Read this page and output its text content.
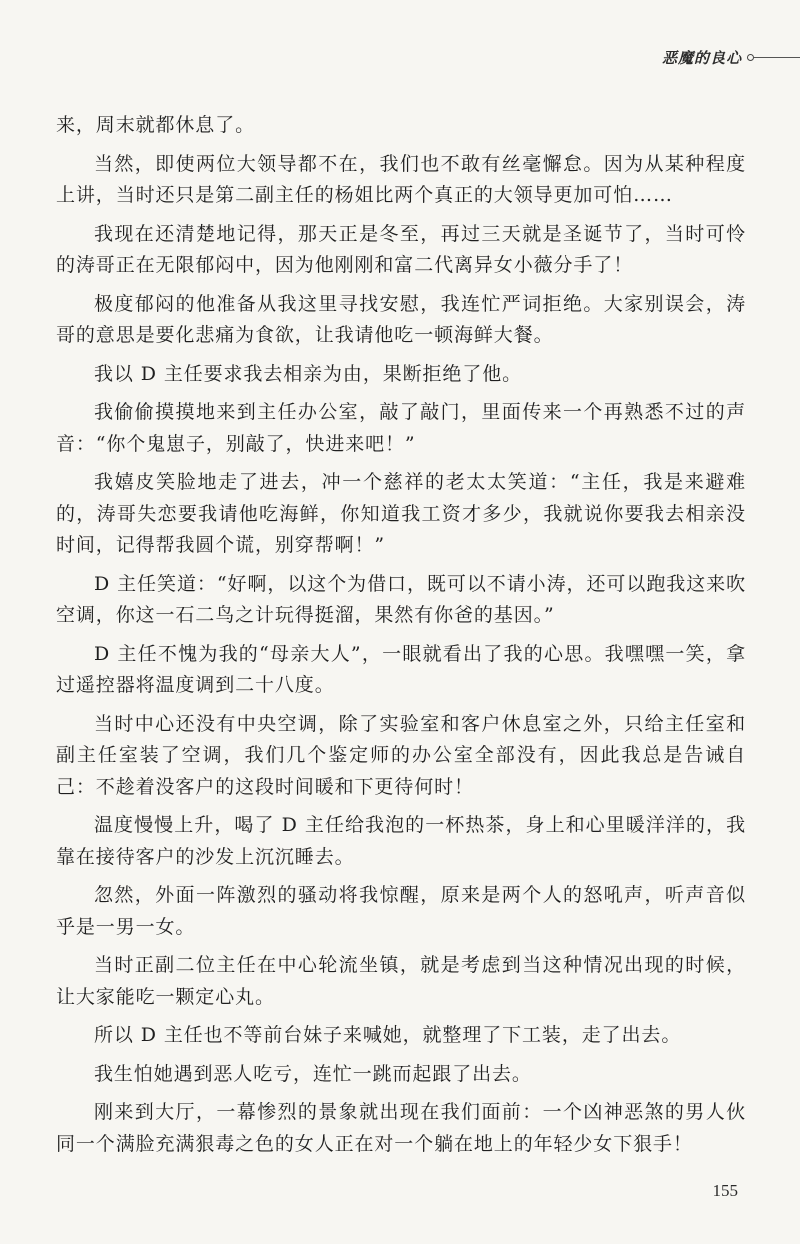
恶魔的良心

来，周末就都休息了。

当然，即使两位大领导都不在，我们也不敢有丝毫懈怠。因为从某种程度上讲，当时还只是第二副主任的杨姐比两个真正的大领导更加可怕……

我现在还清楚地记得，那天正是冬至，再过三天就是圣诞节了，当时可怜的涛哥正在无限郁闷中，因为他刚刚和富二代离异女小薇分手了！

极度郁闷的他准备从我这里寻找安慰，我连忙严词拒绝。大家别误会，涛哥的意思是要化悲痛为食欲，让我请他吃一顿海鲜大餐。

我以 D 主任要求我去相亲为由，果断拒绝了他。

我偷偷摸摸地来到主任办公室，敲了敲门，里面传来一个再熟悉不过的声音：“你个鬼崽子，别敲了，快进来吧！”

我嬉皮笑脸地走了进去，冲一个慈祥的老太太笑道：“主任，我是来避难的，涛哥失恋要我请他吃海鲜，你知道我工资才多少，我就说你要我去相亲没时间，记得帮我圆个谎，别穿帮啊！”

D 主任笑道：“好啊，以这个为借口，既可以不请小涛，还可以跑我这来吹空调，你这一石二鸟之计玩得挺溜，果然有你爸的基因。”

D 主任不愧为我的“母亲大人”，一眼就看出了我的心思。我嘿嘿一笑，拿过遥控器将温度调到二十八度。

当时中心还没有中央空调，除了实验室和客户休息室之外，只给主任室和副主任室装了空调，我们几个鉴定师的办公室全部没有，因此我总是告诫自己：不趁着没客户的这段时间暖和下更待何时！

温度慢慢上升，喝了 D 主任给我泡的一杯热茶，身上和心里暖洋洋的，我靠在接待客户的沙发上沉沉睡去。

忽然，外面一阵激烈的骚动将我惊醒，原来是两个人的怒吼声，听声音似乎是一男一女。

当时正副二位主任在中心轮流坐镇，就是考虑到当这种情况出现的时候，让大家能吃一颗定心丸。

所以 D 主任也不等前台妹子来喊她，就整理了下工装，走了出去。

我生怕她遇到恶人吃亏，连忙一跳而起跟了出去。

刚来到大厅，一幕惨烈的景象就出现在我们面前：一个凶神恶煞的男人伙同一个满脸充满狠毒之色的女人正在对一个躺在地上的年轻少女下狠手！

155
